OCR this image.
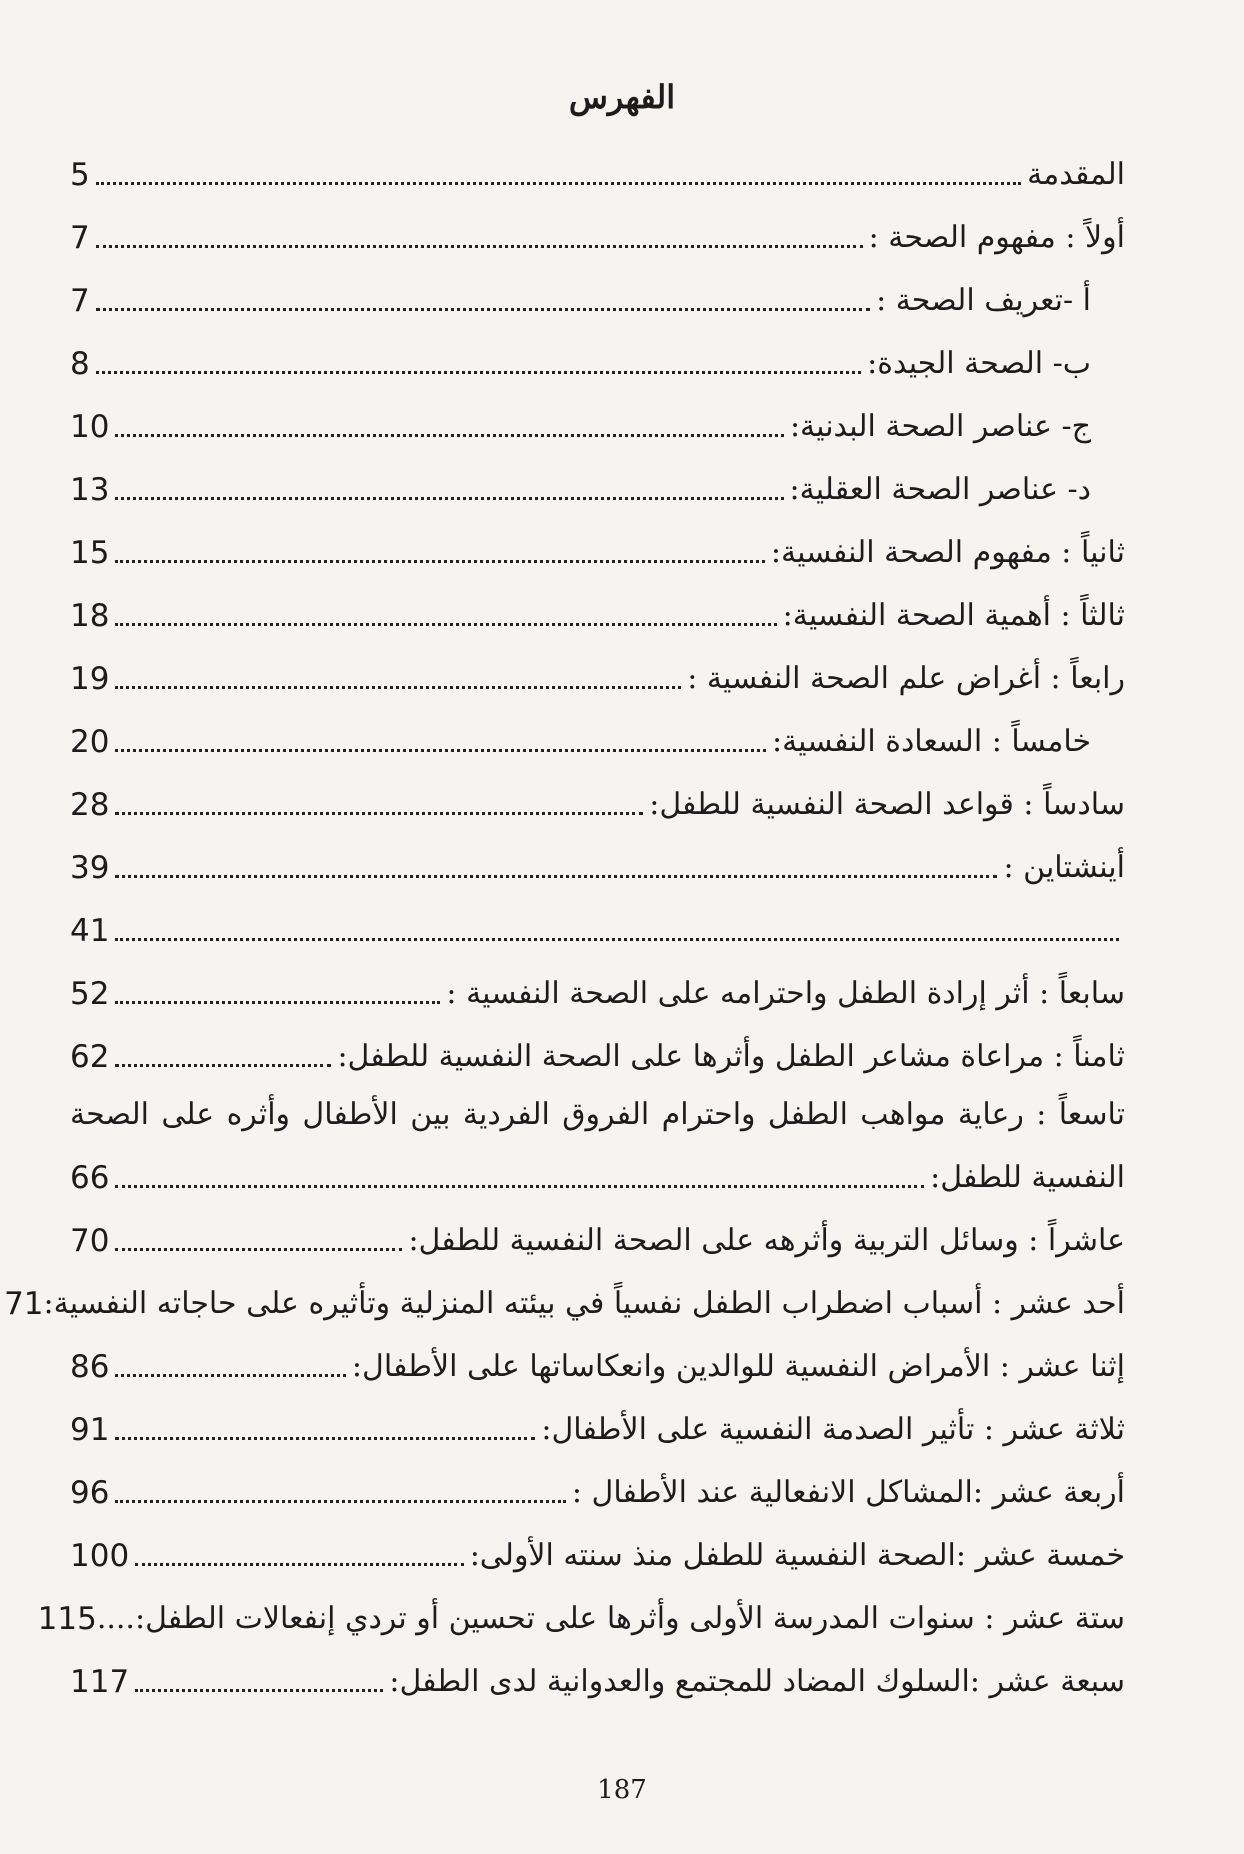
الفهرس
المقدمة
5
أولاً : مفهوم الصحة :
7
أ -تعريف الصحة :
7
ب- الصحة الجيدة:
8
ج- عناصر الصحة البدنية:
10
د- عناصر الصحة العقلية:
13
ثانياً : مفهوم الصحة النفسية:
15
ثالثاً : أهمية الصحة النفسية:
18
رابعاً : أغراض علم الصحة النفسية :
19
خامساً : السعادة النفسية:
20
سادساً : قواعد الصحة النفسية للطفل:
28
أينشتاين :
39
41
سابعاً : أثر إرادة الطفل واحترامه على الصحة النفسية :
52
ثامناً : مراعاة مشاعر الطفل وأثرها على الصحة النفسية للطفل:
62
تاسعاً : رعاية مواهب الطفل واحترام الفروق الفردية بين الأطفال وأثره على الصحة
النفسية للطفل:
66
عاشراً : وسائل التربية وأثرهه على الصحة النفسية للطفل:
70
أحد عشر : أسباب اضطراب الطفل نفسياً في بيئته المنزلية وتأثيره على حاجاته النفسية:
71
إثنا عشر : الأمراض النفسية للوالدين وانعكاساتها على الأطفال:
86
ثلاثة عشر : تأثير الصدمة النفسية على الأطفال:
91
أربعة عشر :المشاكل الانفعالية عند الأطفال :
96
خمسة عشر :الصحة النفسية للطفل منذ سنته الأولى:
100
ستة عشر : سنوات المدرسة الأولى وأثرها على تحسين أو تردي إنفعالات الطفل:....
115
سبعة عشر :السلوك المضاد للمجتمع والعدوانية لدى الطفل:
117
187
